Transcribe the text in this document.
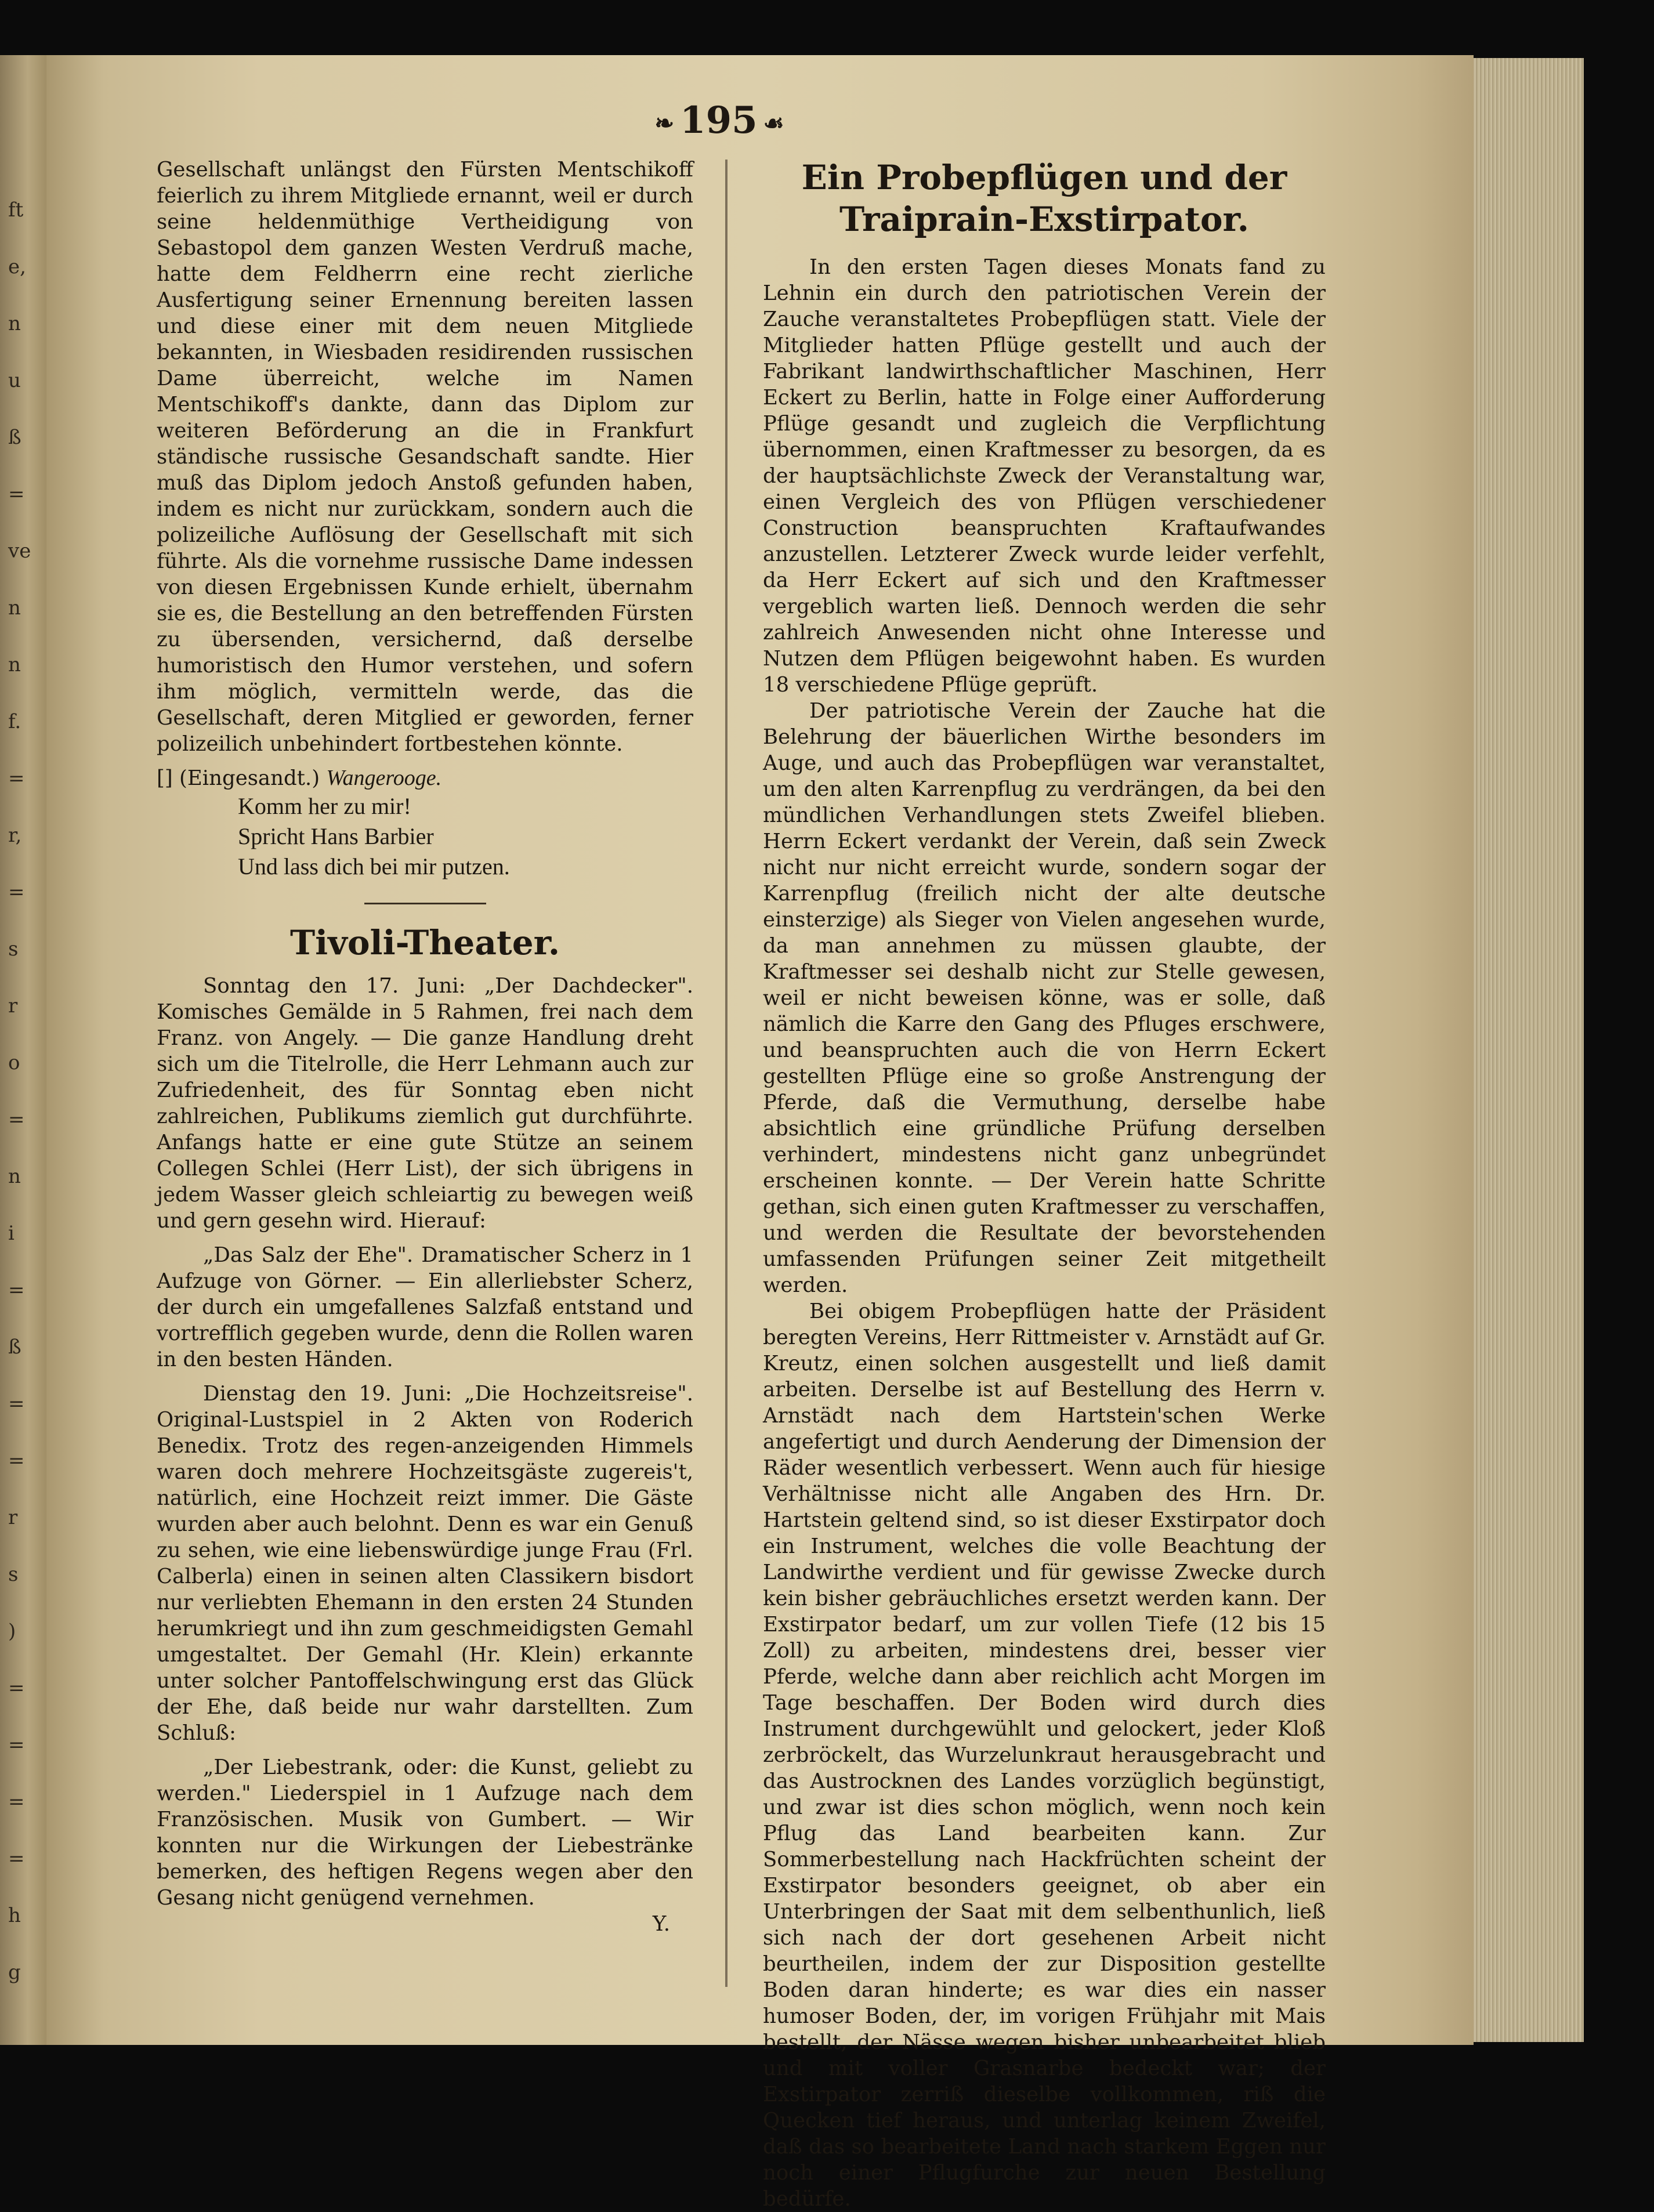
ft
e,
n
u
ß
=
ve
n
n
f.
=
r,
=
s
r
o
=
n
i
=
ß
=
=
r
s
)
=
=
=
=
h
g
❧ 195 ☙

Gesellschaft unlängst den Fürsten Mentschikoff feierlich zu ihrem Mitgliede ernannt, weil er durch seine heldenmüthige Vertheidigung von Sebastopol dem ganzen Westen Verdruß mache, hatte dem Feldherrn eine recht zierliche Ausfertigung seiner Ernennung bereiten lassen und diese einer mit dem neuen Mitgliede bekannten, in Wiesbaden residirenden russischen Dame überreicht, welche im Namen Mentschikoff's dankte, dann das Diplom zur weiteren Beförderung an die in Frankfurt ständische russische Gesandschaft sandte. Hier muß das Diplom jedoch Anstoß gefunden haben, indem es nicht nur zurückkam, sondern auch die polizeiliche Auflösung der Gesellschaft mit sich führte. Als die vornehme russische Dame indessen von diesen Ergebnissen Kunde erhielt, übernahm sie es, die Bestellung an den betreffenden Fürsten zu übersenden, versichernd, daß derselbe humoristisch den Humor verstehen, und sofern ihm möglich, vermitteln werde, das die Gesellschaft, deren Mitglied er geworden, ferner polizeilich unbehindert fortbestehen könnte.

[] (Eingesandt.) Wangerooge.

Komm her zu mir!

Spricht Hans Barbier

Und lass dich bei mir putzen.

Tivoli-Theater.

Sonntag den 17. Juni: „Der Dachdecker". Komisches Gemälde in 5 Rahmen, frei nach dem Franz. von Angely. — Die ganze Handlung dreht sich um die Titelrolle, die Herr Lehmann auch zur Zufriedenheit, des für Sonntag eben nicht zahlreichen, Publikums ziemlich gut durchführte. Anfangs hatte er eine gute Stütze an seinem Collegen Schlei (Herr List), der sich übrigens in jedem Wasser gleich schleiartig zu bewegen weiß und gern gesehn wird. Hierauf:

„Das Salz der Ehe". Dramatischer Scherz in 1 Aufzuge von Görner. — Ein allerliebster Scherz, der durch ein umgefallenes Salzfaß entstand und vortrefflich gegeben wurde, denn die Rollen waren in den besten Händen.

Dienstag den 19. Juni: „Die Hochzeitsreise". Original-Lustspiel in 2 Akten von Roderich Benedix. Trotz des regen-anzeigenden Himmels waren doch mehrere Hochzeitsgäste zugereis't, natürlich, eine Hochzeit reizt immer. Die Gäste wurden aber auch belohnt. Denn es war ein Genuß zu sehen, wie eine liebenswürdige junge Frau (Frl. Calberla) einen in seinen alten Classikern bisdort nur verliebten Ehemann in den ersten 24 Stunden herumkriegt und ihn zum geschmeidigsten Gemahl umgestaltet. Der Gemahl (Hr. Klein) erkannte unter solcher Pantoffelschwingung erst das Glück der Ehe, daß beide nur wahr darstellten. Zum Schluß:

„Der Liebestrank, oder: die Kunst, geliebt zu werden." Liederspiel in 1 Aufzuge nach dem Französischen. Musik von Gumbert. — Wir konnten nur die Wirkungen der Liebestränke bemerken, des heftigen Regens wegen aber den Gesang nicht genügend vernehmen.

Y.

Ein Probepflügen und der Traiprain-Exstirpator.

In den ersten Tagen dieses Monats fand zu Lehnin ein durch den patriotischen Verein der Zauche veranstaltetes Probepflügen statt. Viele der Mitglieder hatten Pflüge gestellt und auch der Fabrikant landwirthschaftlicher Maschinen, Herr Eckert zu Berlin, hatte in Folge einer Aufforderung Pflüge gesandt und zugleich die Verpflichtung übernommen, einen Kraftmesser zu besorgen, da es der hauptsächlichste Zweck der Veranstaltung war, einen Vergleich des von Pflügen verschiedener Construction beanspruchten Kraftaufwandes anzustellen. Letzterer Zweck wurde leider verfehlt, da Herr Eckert auf sich und den Kraftmesser vergeblich warten ließ. Dennoch werden die sehr zahlreich Anwesenden nicht ohne Interesse und Nutzen dem Pflügen beigewohnt haben. Es wurden 18 verschiedene Pflüge geprüft.

Der patriotische Verein der Zauche hat die Belehrung der bäuerlichen Wirthe besonders im Auge, und auch das Probepflügen war veranstaltet, um den alten Karrenpflug zu verdrängen, da bei den mündlichen Verhandlungen stets Zweifel blieben. Herrn Eckert verdankt der Verein, daß sein Zweck nicht nur nicht erreicht wurde, sondern sogar der Karrenpflug (freilich nicht der alte deutsche einsterzige) als Sieger von Vielen angesehen wurde, da man annehmen zu müssen glaubte, der Kraftmesser sei deshalb nicht zur Stelle gewesen, weil er nicht beweisen könne, was er solle, daß nämlich die Karre den Gang des Pfluges erschwere, und beanspruchten auch die von Herrn Eckert gestellten Pflüge eine so große Anstrengung der Pferde, daß die Vermuthung, derselbe habe absichtlich eine gründliche Prüfung derselben verhindert, mindestens nicht ganz unbegründet erscheinen konnte. — Der Verein hatte Schritte gethan, sich einen guten Kraftmesser zu verschaffen, und werden die Resultate der bevorstehenden umfassenden Prüfungen seiner Zeit mitgetheilt werden.

Bei obigem Probepflügen hatte der Präsident beregten Vereins, Herr Rittmeister v. Arnstädt auf Gr. Kreutz, einen solchen ausgestellt und ließ damit arbeiten. Derselbe ist auf Bestellung des Herrn v. Arnstädt nach dem Hartstein'schen Werke angefertigt und durch Aenderung der Dimension der Räder wesentlich verbessert. Wenn auch für hiesige Verhältnisse nicht alle Angaben des Hrn. Dr. Hartstein geltend sind, so ist dieser Exstirpator doch ein Instrument, welches die volle Beachtung der Landwirthe verdient und für gewisse Zwecke durch kein bisher gebräuchliches ersetzt werden kann. Der Exstirpator bedarf, um zur vollen Tiefe (12 bis 15 Zoll) zu arbeiten, mindestens drei, besser vier Pferde, welche dann aber reichlich acht Morgen im Tage beschaffen. Der Boden wird durch dies Instrument durchgewühlt und gelockert, jeder Kloß zerbröckelt, das Wurzelunkraut herausgebracht und das Austrocknen des Landes vorzüglich begünstigt, und zwar ist dies schon möglich, wenn noch kein Pflug das Land bearbeiten kann. Zur Sommerbestellung nach Hackfrüchten scheint der Exstirpator besonders geeignet, ob aber ein Unterbringen der Saat mit dem selbenthunlich, ließ sich nach der dort gesehenen Arbeit nicht beurtheilen, indem der zur Disposition gestellte Boden daran hinderte; es war dies ein nasser humoser Boden, der, im vorigen Frühjahr mit Mais bestellt, der Nässe wegen bisher unbearbeitet blieb und mit voller Grasnarbe bedeckt war; der Exstirpator zerriß dieselbe vollkommen, riß die Quecken tief heraus, und unterlag keinem Zweifel, daß das so bearbeitete Land nach starkem Eggen nur noch einer Pflugfurche zur neuen Bestellung bedürfe.
